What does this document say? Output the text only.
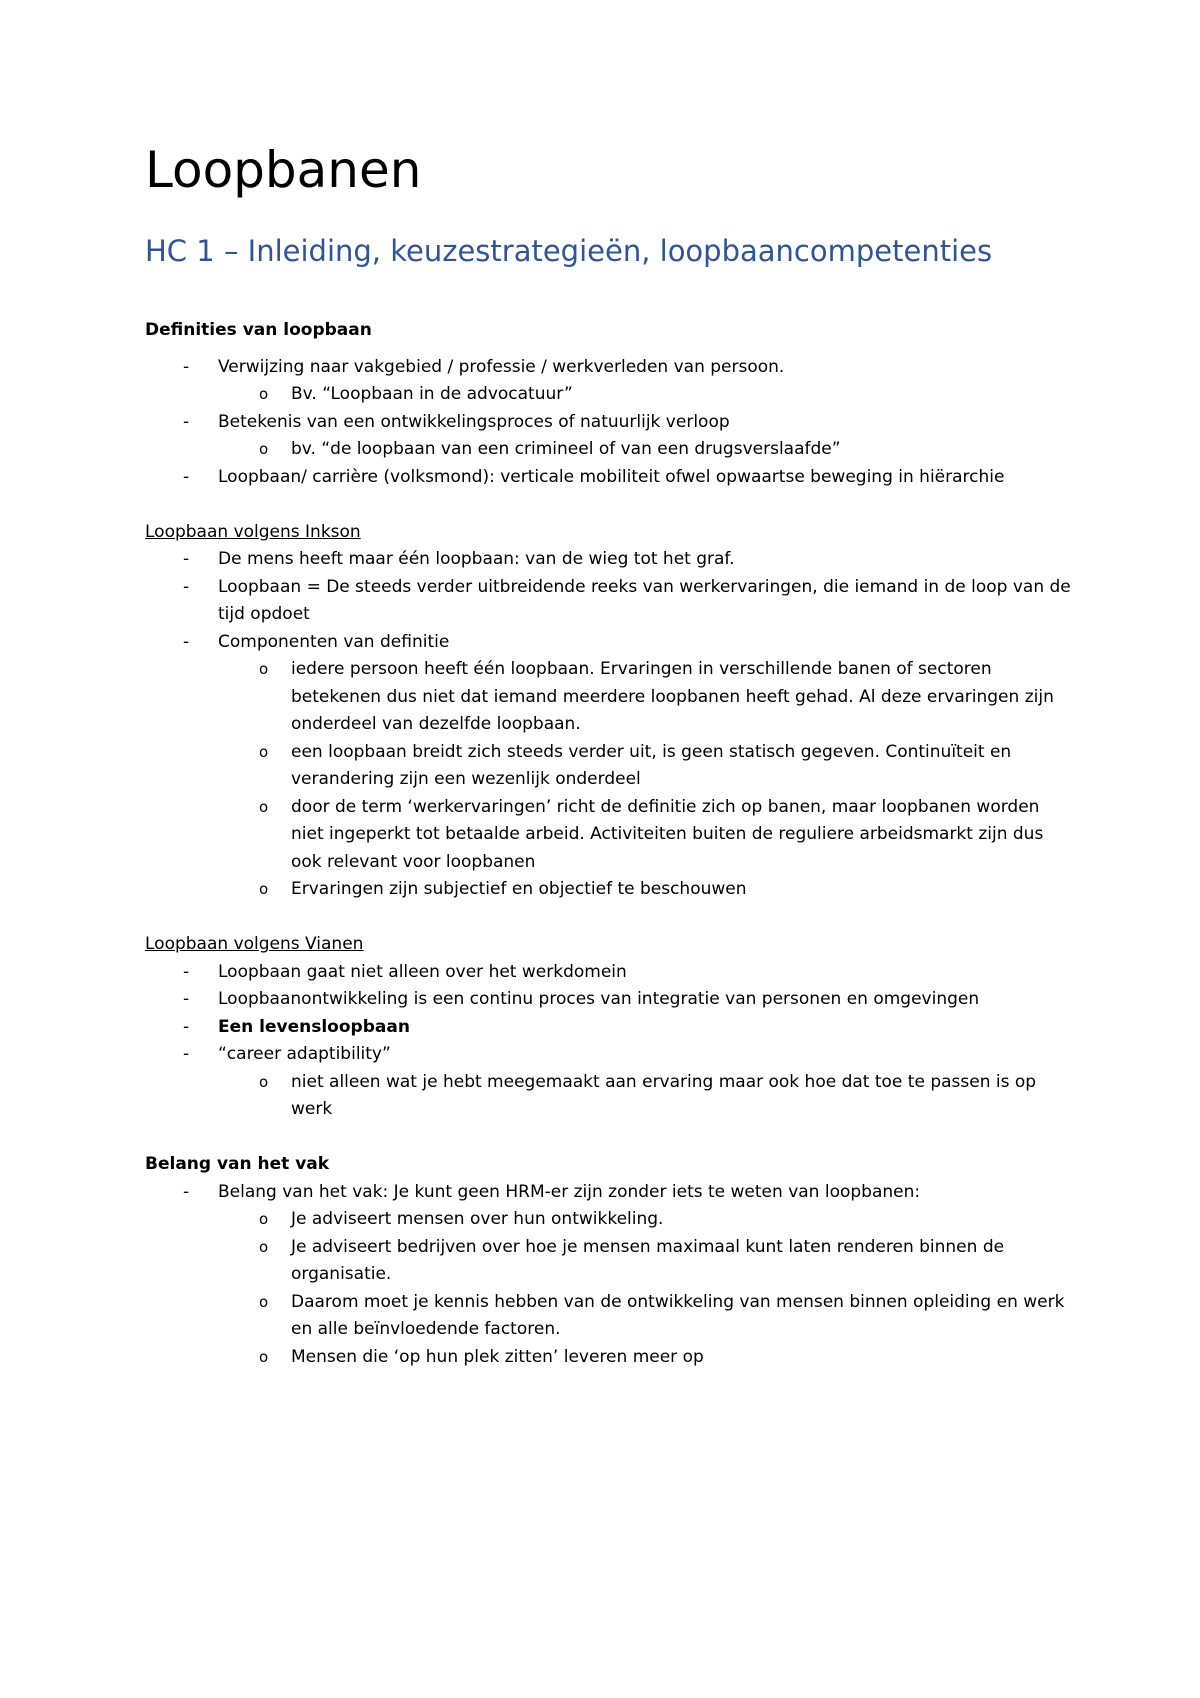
Loopbanen
HC 1 – Inleiding, keuzestrategieën, loopbaancompetenties

Definities van loopbaan

- Verwijzing naar vakgebied / professie / werkverleden van persoon.
o Bv. “Loopbaan in de advocatuur”
- Betekenis van een ontwikkelingsproces of natuurlijk verloop
o bv. “de loopbaan van een crimineel of van een drugsverslaafde”
- Loopbaan/ carrière (volksmond): verticale mobiliteit ofwel opwaartse beweging in hiërarchie

Loopbaan volgens Inkson

- De mens heeft maar één loopbaan: van de wieg tot het graf.
- Loopbaan = De steeds verder uitbreidende reeks van werkervaringen, die iemand in de loop van de tijd opdoet
- Componenten van definitie
o iedere persoon heeft één loopbaan. Ervaringen in verschillende banen of sectoren betekenen dus niet dat iemand meerdere loopbanen heeft gehad. Al deze ervaringen zijn onderdeel van dezelfde loopbaan.
o een loopbaan breidt zich steeds verder uit, is geen statisch gegeven. Continuïteit en verandering zijn een wezenlijk onderdeel
o door de term ‘werkervaringen’ richt de definitie zich op banen, maar loopbanen worden niet ingeperkt tot betaalde arbeid. Activiteiten buiten de reguliere arbeidsmarkt zijn dus ook relevant voor loopbanen
o Ervaringen zijn subjectief en objectief te beschouwen

Loopbaan volgens Vianen

- Loopbaan gaat niet alleen over het werkdomein
- Loopbaanontwikkeling is een continu proces van integratie van personen en omgevingen
- Een levensloopbaan
- “career adaptibility”
o niet alleen wat je hebt meegemaakt aan ervaring maar ook hoe dat toe te passen is op werk

Belang van het vak

- Belang van het vak: Je kunt geen HRM-er zijn zonder iets te weten van loopbanen:
o Je adviseert mensen over hun ontwikkeling.
o Je adviseert bedrijven over hoe je mensen maximaal kunt laten renderen binnen de organisatie.
o Daarom moet je kennis hebben van de ontwikkeling van mensen binnen opleiding en werk en alle beïnvloedende factoren.
o Mensen die ‘op hun plek zitten’ leveren meer op
